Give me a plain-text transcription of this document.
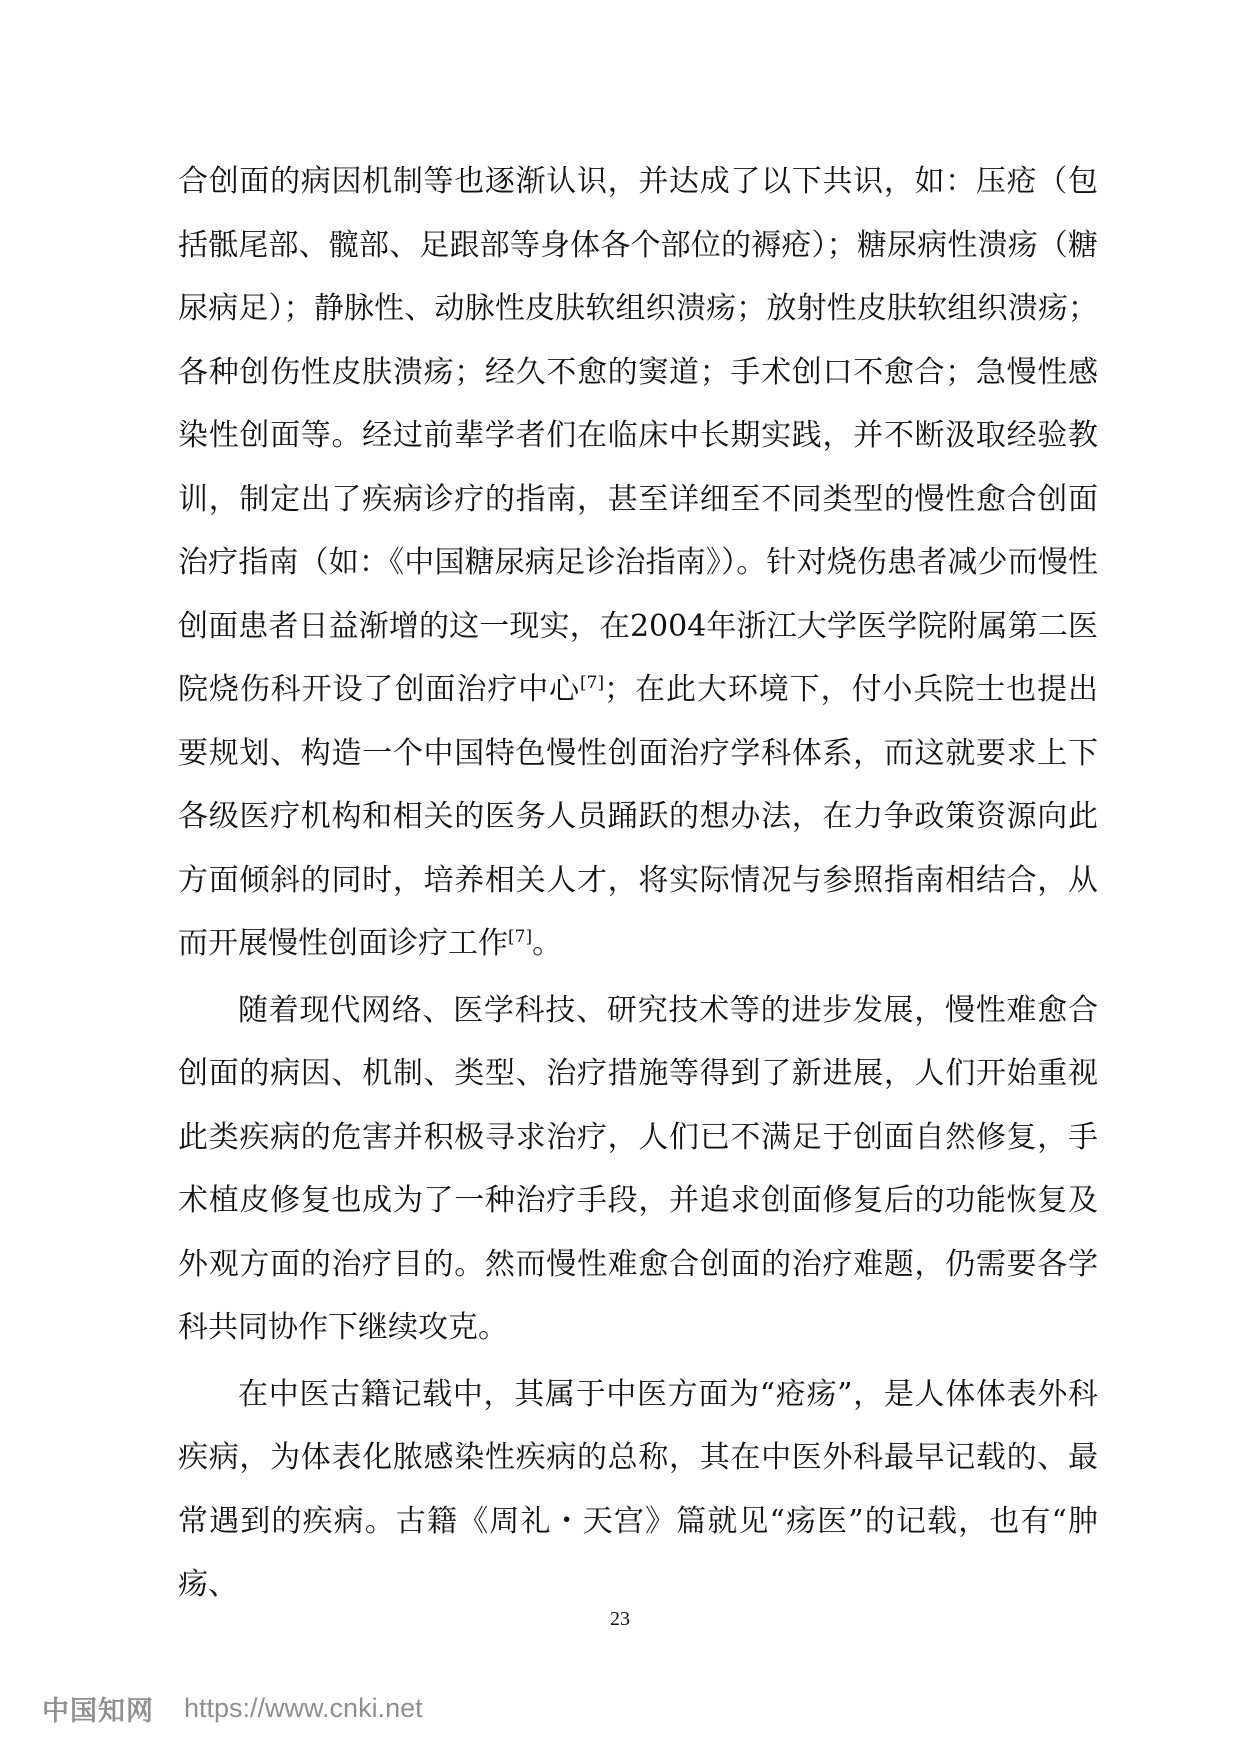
合创面的病因机制等也逐渐认识，并达成了以下共识，如：压疮（包括骶尾部、髋部、足跟部等身体各个部位的褥疮）；糖尿病性溃疡（糖尿病足）；静脉性、动脉性皮肤软组织溃疡；放射性皮肤软组织溃疡；各种创伤性皮肤溃疡；经久不愈的窦道；手术创口不愈合；急慢性感染性创面等。经过前辈学者们在临床中长期实践，并不断汲取经验教训，制定出了疾病诊疗的指南，甚至详细至不同类型的慢性愈合创面治疗指南（如：《中国糖尿病足诊治指南》）。针对烧伤患者减少而慢性创面患者日益渐增的这一现实，在2004年浙江大学医学院附属第二医院烧伤科开设了创面治疗中心[7]；在此大环境下，付小兵院士也提出要规划、构造一个中国特色慢性创面治疗学科体系，而这就要求上下各级医疗机构和相关的医务人员踊跃的想办法，在力争政策资源向此方面倾斜的同时，培养相关人才，将实际情况与参照指南相结合，从而开展慢性创面诊疗工作[7]。

随着现代网络、医学科技、研究技术等的进步发展，慢性难愈合创面的病因、机制、类型、治疗措施等得到了新进展，人们开始重视此类疾病的危害并积极寻求治疗，人们已不满足于创面自然修复，手术植皮修复也成为了一种治疗手段，并追求创面修复后的功能恢复及外观方面的治疗目的。然而慢性难愈合创面的治疗难题，仍需要各学科共同协作下继续攻克。

在中医古籍记载中，其属于中医方面为“疮疡”，是人体体表外科疾病，为体表化脓感染性疾病的总称，其在中医外科最早记载的、最常遇到的疾病。古籍《周礼・天宫》篇就见“疡医”的记载，也有“肿疡、

23
中国知网 https://www.cnki.net
